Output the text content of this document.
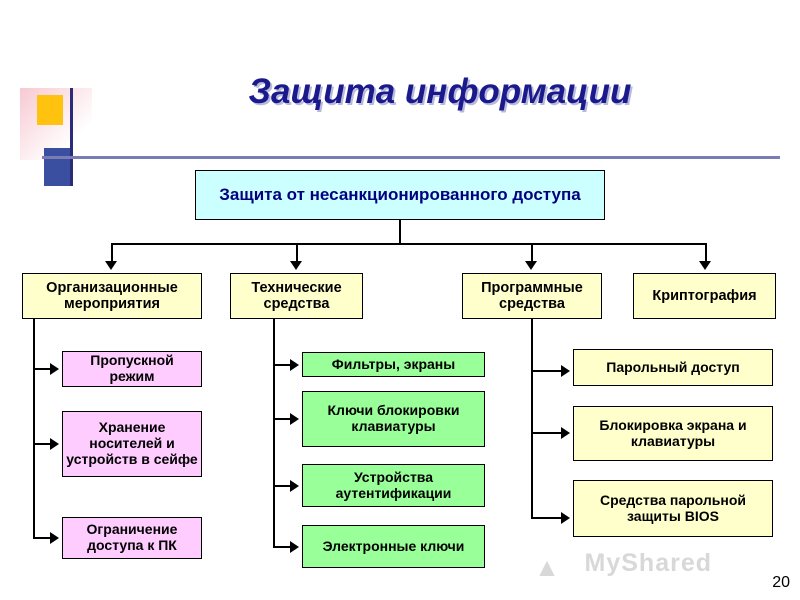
Защита информации
Защита от несанкционированного доступа
Организационные мероприятия
Технические средства
Программные средства
Криптография
Пропускной режим
Хранение носителей и устройств в сейфе
Ограничение доступа к ПК
Фильтры, экраны
Ключи блокировки клавиатуры
Устройства аутентификации
Электронные ключи
Парольный доступ
Блокировка экрана и клавиатуры
Средства парольной защиты BIOS
▲ MyShared
20
